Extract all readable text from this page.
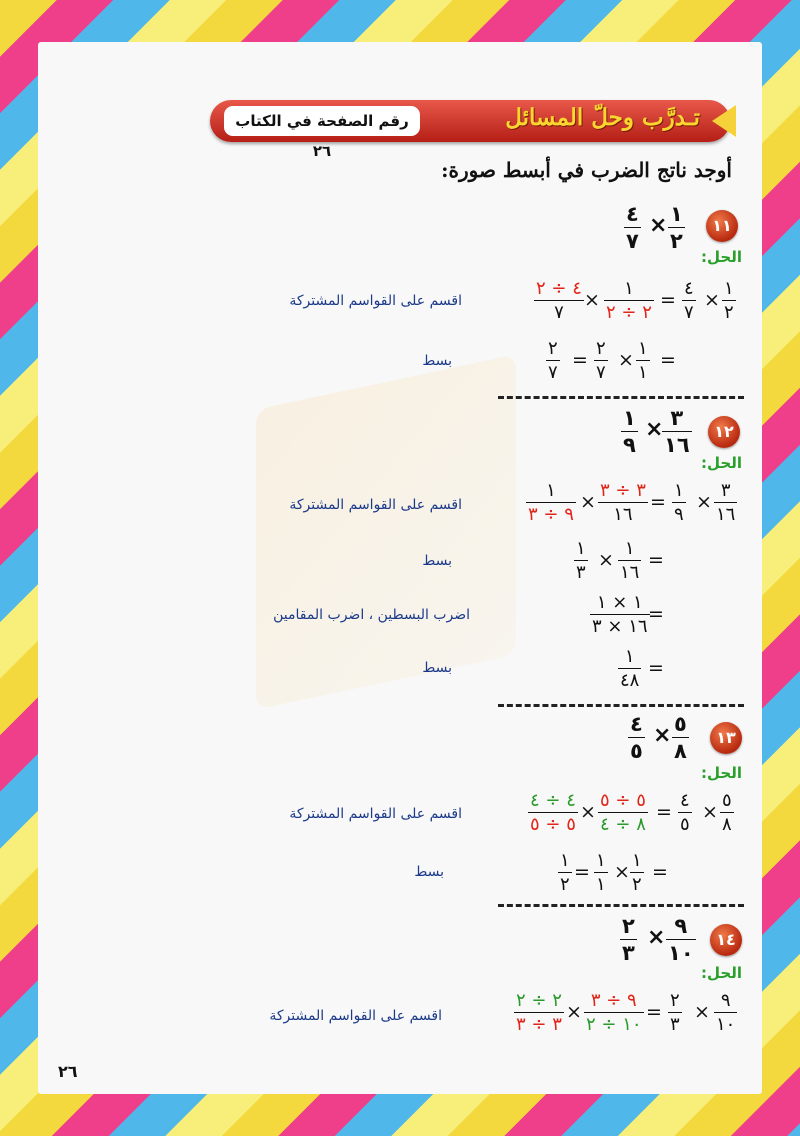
تـدرَّب وحلّ المسائل
رقم الصفحة في الكتاب ٢٦
أوجد ناتج الضرب في أبسط صورة:
١١
١
٢
×
٤
٧
الحل:
١
٢
×
٤
٧
=
١
٢ ÷ ٢
×
٤ ÷ ٢
٧
اقسم على القواسم المشتركة
=
١
١
×
٢
٧
=
٢
٧
بسط
١٢
٣
١٦
×
١
٩
الحل:
٣
١٦
×
١
٩
=
٣ ÷ ٣
١٦
×
١
٩ ÷ ٣
اقسم على القواسم المشتركة
=
١
١٦
×
١
٣
بسط
=
١ × ١
١٦ × ٣
اضرب البسطين ، اضرب المقامين
=
١
٤٨
بسط
١٣
٥
٨
×
٤
٥
الحل:
٥
٨
×
٤
٥
=
٥ ÷ ٥
٨ ÷ ٤
×
٤ ÷ ٤
٥ ÷ ٥
اقسم على القواسم المشتركة
=
١
٢
×
١
١
=
١
٢
بسط
١٤
٩
١٠
×
٢
٣
الحل:
٩
١٠
×
٢
٣
=
٩ ÷ ٣
١٠ ÷ ٢
×
٢ ÷ ٢
٣ ÷ ٣
اقسم على القواسم المشتركة
٢٦
